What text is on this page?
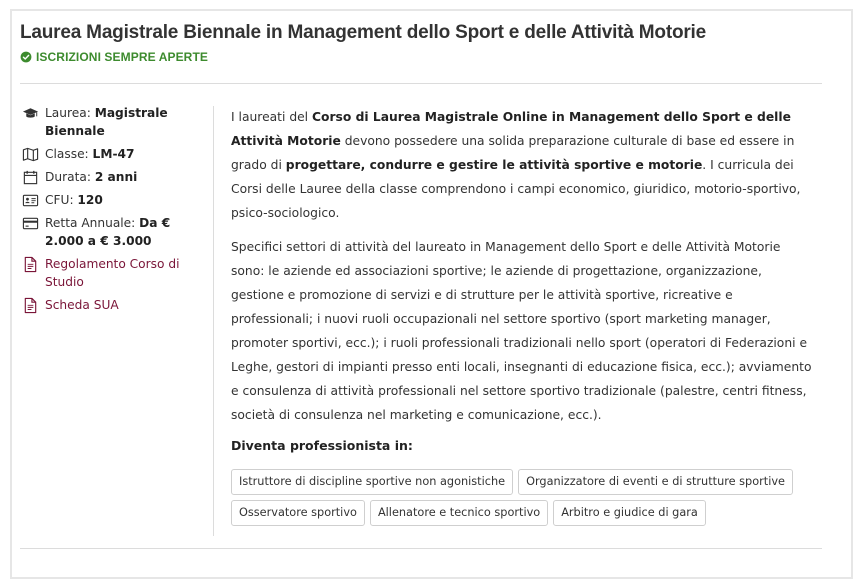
Laurea Magistrale Biennale in Management dello Sport e delle Attività Motorie
ISCRIZIONI SEMPRE APERTE
Laurea: Magistrale Biennale
Classe: LM-47
Durata: 2 anni
CFU: 120
Retta Annuale: Da € 2.000 a € 3.000
Regolamento Corso di Studio
Scheda SUA

I laureati del Corso di Laurea Magistrale Online in Management dello Sport e delle Attività Motorie devono possedere una solida preparazione culturale di base ed essere in grado di progettare, condurre e gestire le attività sportive e motorie. I curricula dei Corsi delle Lauree della classe comprendono i campi economico, giuridico, motorio-sportivo, psico-sociologico.

Specifici settori di attività del laureato in Management dello Sport e delle Attività Motorie sono: le aziende ed associazioni sportive; le aziende di progettazione, organizzazione, gestione e promozione di servizi e di strutture per le attività sportive, ricreative e professionali; i nuovi ruoli occupazionali nel settore sportivo (sport marketing manager, promoter sportivi, ecc.); i ruoli professionali tradizionali nello sport (operatori di Federazioni e Leghe, gestori di impianti presso enti locali, insegnanti di educazione fisica, ecc.); avviamento e consulenza di attività professionali nel settore sportivo tradizionale (palestre, centri fitness, società di consulenza nel marketing e comunicazione, ecc.).

Diventa professionista in:
Istruttore di discipline sportive non agonistiche	Organizzatore di eventi e di strutture sportive
Osservatore sportivo	Allenatore e tecnico sportivo	Arbitro e giudice di gara
